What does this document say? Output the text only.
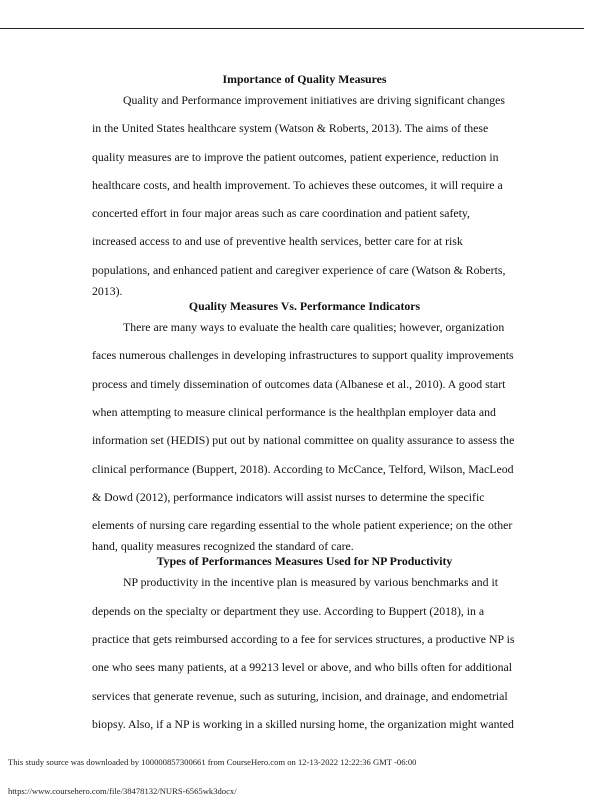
Importance of Quality Measures

Quality and Performance improvement initiatives are driving significant changes
in the United States healthcare system (Watson & Roberts, 2013). The aims of these
quality measures are to improve the patient outcomes, patient experience, reduction in
healthcare costs, and health improvement. To achieves these outcomes, it will require a
concerted effort in four major areas such as care coordination and patient safety,
increased access to and use of preventive health services, better care for at risk
populations, and enhanced patient and caregiver experience of care (Watson & Roberts,
2013).

Quality Measures Vs. Performance Indicators

There are many ways to evaluate the health care qualities; however, organization
faces numerous challenges in developing infrastructures to support quality improvements
process and timely dissemination of outcomes data (Albanese et al., 2010). A good start
when attempting to measure clinical performance is the healthplan employer data and
information set (HEDIS) put out by national committee on quality assurance to assess the
clinical performance (Buppert, 2018). According to McCance, Telford, Wilson, MacLeod
& Dowd (2012), performance indicators will assist nurses to determine the specific
elements of nursing care regarding essential to the whole patient experience; on the other
hand, quality measures recognized the standard of care.

Types of Performances Measures Used for NP Productivity

NP productivity in the incentive plan is measured by various benchmarks and it
depends on the specialty or department they use. According to Buppert (2018), in a
practice that gets reimbursed according to a fee for services structures, a productive NP is
one who sees many patients, at a 99213 level or above, and who bills often for additional
services that generate revenue, such as suturing, incision, and drainage, and endometrial
biopsy. Also, if a NP is working in a skilled nursing home, the organization might wanted

This study source was downloaded by 100000857300661 from CourseHero.com on 12-13-2022 12:22:36 GMT -06:00
https://www.coursehero.com/file/38478132/NURS-6565wk3docx/
